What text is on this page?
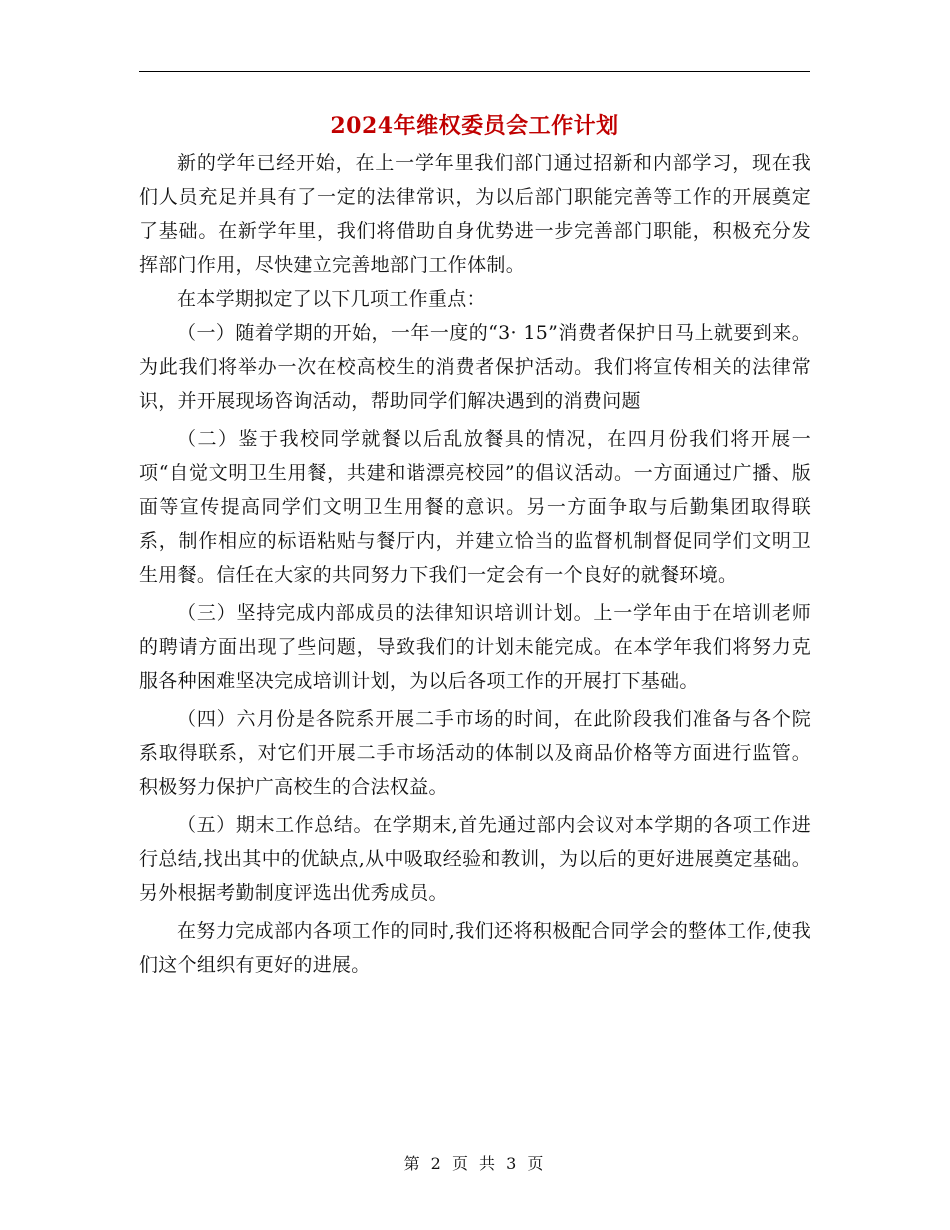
2024年维权委员会工作计划

新的学年已经开始，在上一学年里我们部门通过招新和内部学习，现在我们人员充足并具有了一定的法律常识，为以后部门职能完善等工作的开展奠定了基础。在新学年里，我们将借助自身优势进一步完善部门职能，积极充分发挥部门作用，尽快建立完善地部门工作体制。

在本学期拟定了以下几项工作重点：

（一）随着学期的开始，一年一度的“3· 15”消费者保护日马上就要到来。为此我们将举办一次在校高校生的消费者保护活动。我们将宣传相关的法律常识，并开展现场咨询活动，帮助同学们解决遇到的消费问题

（二）鉴于我校同学就餐以后乱放餐具的情况，在四月份我们将开展一项“自觉文明卫生用餐，共建和谐漂亮校园”的倡议活动。一方面通过广播、版面等宣传提高同学们文明卫生用餐的意识。另一方面争取与后勤集团取得联系，制作相应的标语粘贴与餐厅内，并建立恰当的监督机制督促同学们文明卫生用餐。信任在大家的共同努力下我们一定会有一个良好的就餐环境。

（三）坚持完成内部成员的法律知识培训计划。上一学年由于在培训老师的聘请方面出现了些问题，导致我们的计划未能完成。在本学年我们将努力克服各种困难坚决完成培训计划，为以后各项工作的开展打下基础。

（四）六月份是各院系开展二手市场的时间，在此阶段我们准备与各个院系取得联系，对它们开展二手市场活动的体制以及商品价格等方面进行监管。积极努力保护广高校生的合法权益。

（五）期末工作总结。在学期末,首先通过部内会议对本学期的各项工作进行总结,找出其中的优缺点,从中吸取经验和教训，为以后的更好进展奠定基础。另外根据考勤制度评选出优秀成员。

在努力完成部内各项工作的同时,我们还将积极配合同学会的整体工作,使我们这个组织有更好的进展。

第 2 页 共 3 页
